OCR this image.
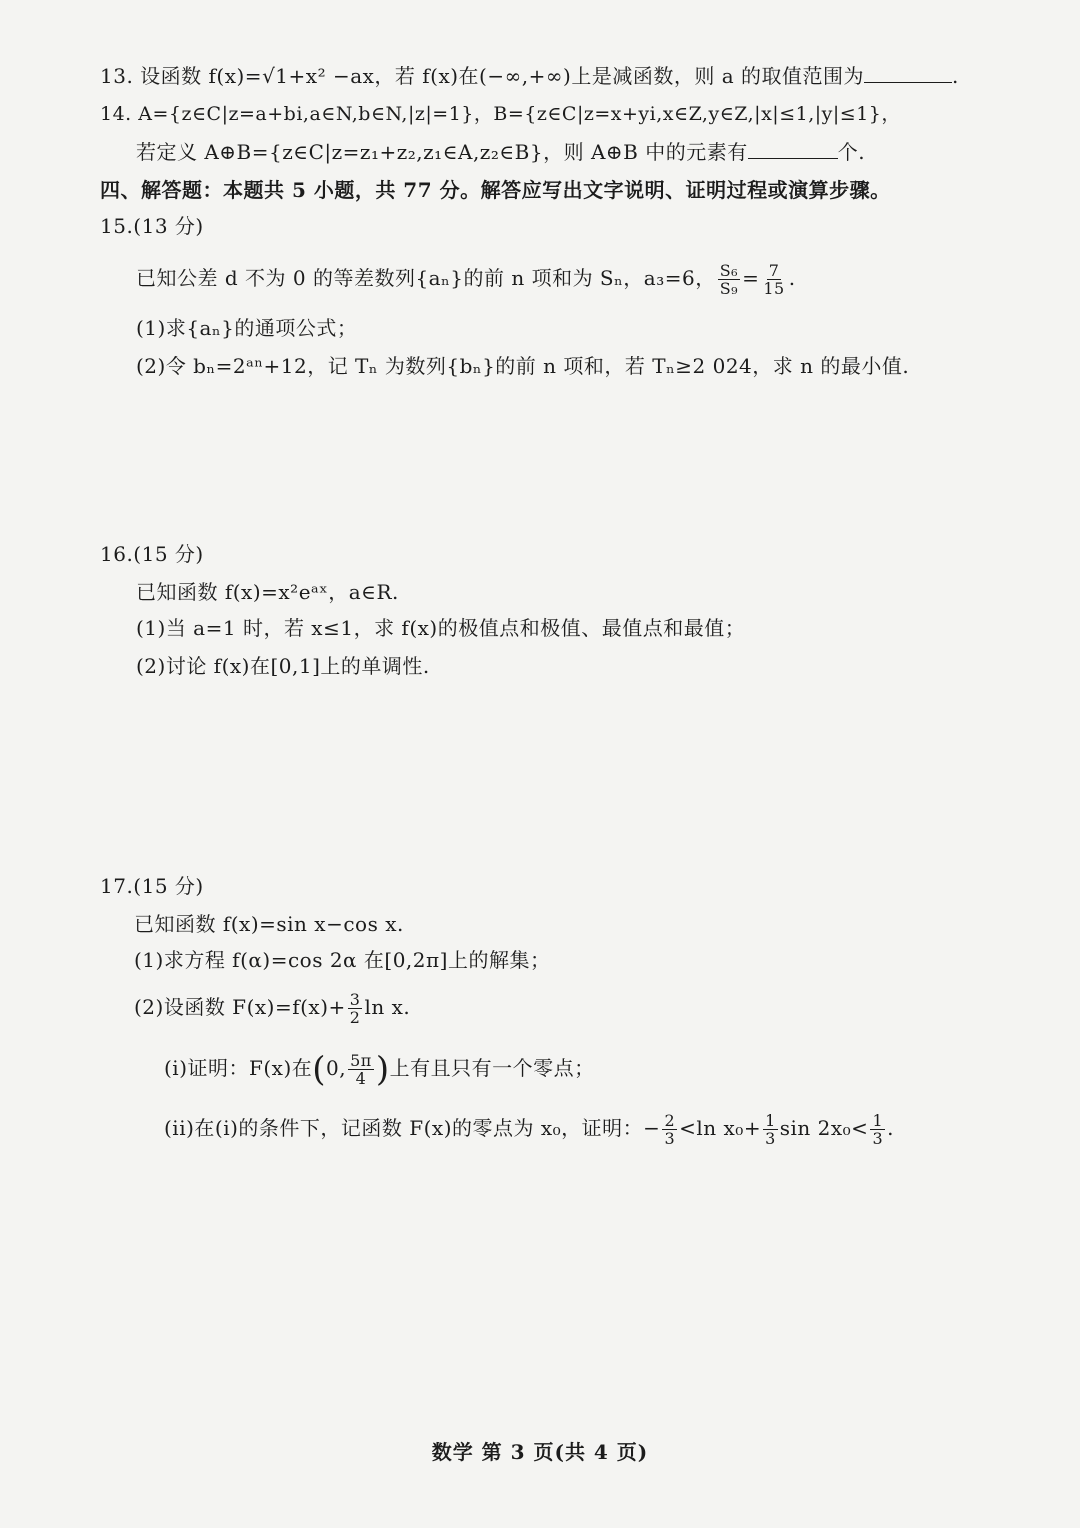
13. 设函数 f(x)=√1+x² −ax，若 f(x)在(−∞,+∞)上是减函数，则 a 的取值范围为	.
14. A={z∈C|z=a+bi,a∈N,b∈N,|z|=1}，B={z∈C|z=x+yi,x∈Z,y∈Z,|x|≤1,|y|≤1}，
若定义 A⊕B={z∈C|z=z₁+z₂,z₁∈A,z₂∈B}，则 A⊕B 中的元素有	个.
四、解答题：本题共 5 小题，共 77 分。解答应写出文字说明、证明过程或演算步骤。
15.(13 分)
已知公差 d 不为 0 的等差数列{aₙ}的前 n 项和为 Sₙ，a₃=6， $\frac{\text{S₆}}{\text{S₉}} = \frac{7}{15}$ .
(1)求{aₙ}的通项公式；
(2)令 bₙ=2ᵃⁿ+12，记 Tₙ 为数列{bₙ}的前 n 项和，若 Tₙ≥2 024，求 n 的最小值.
16.(15 分)
已知函数 f(x)=x²eᵃˣ，a∈R.
(1)当 a=1 时，若 x≤1，求 f(x)的极值点和极值、最值点和最值；
(2)讨论 f(x)在[0,1]上的单调性.
17.(15 分)
已知函数 f(x)=sin x−cos x.
(1)求方程 f(α)=cos 2α 在[0,2π]上的解集；
(2)设函数 $F(x)=f(x)+ \frac{3}{2}$ ln x.
(i)证明：F(x)在(0, $\frac{5\pi}{4}$ )上有且只有一个零点；
(ii)在(i)的条件下，记函数 F(x)的零点为 x₀，证明：− $\frac{2}{3} <\ln$ $x_0+ \frac{1}{3}$ $\sin 2x_0< \frac{1}{3}$ .
数学 第 3 页(共 4 页)
